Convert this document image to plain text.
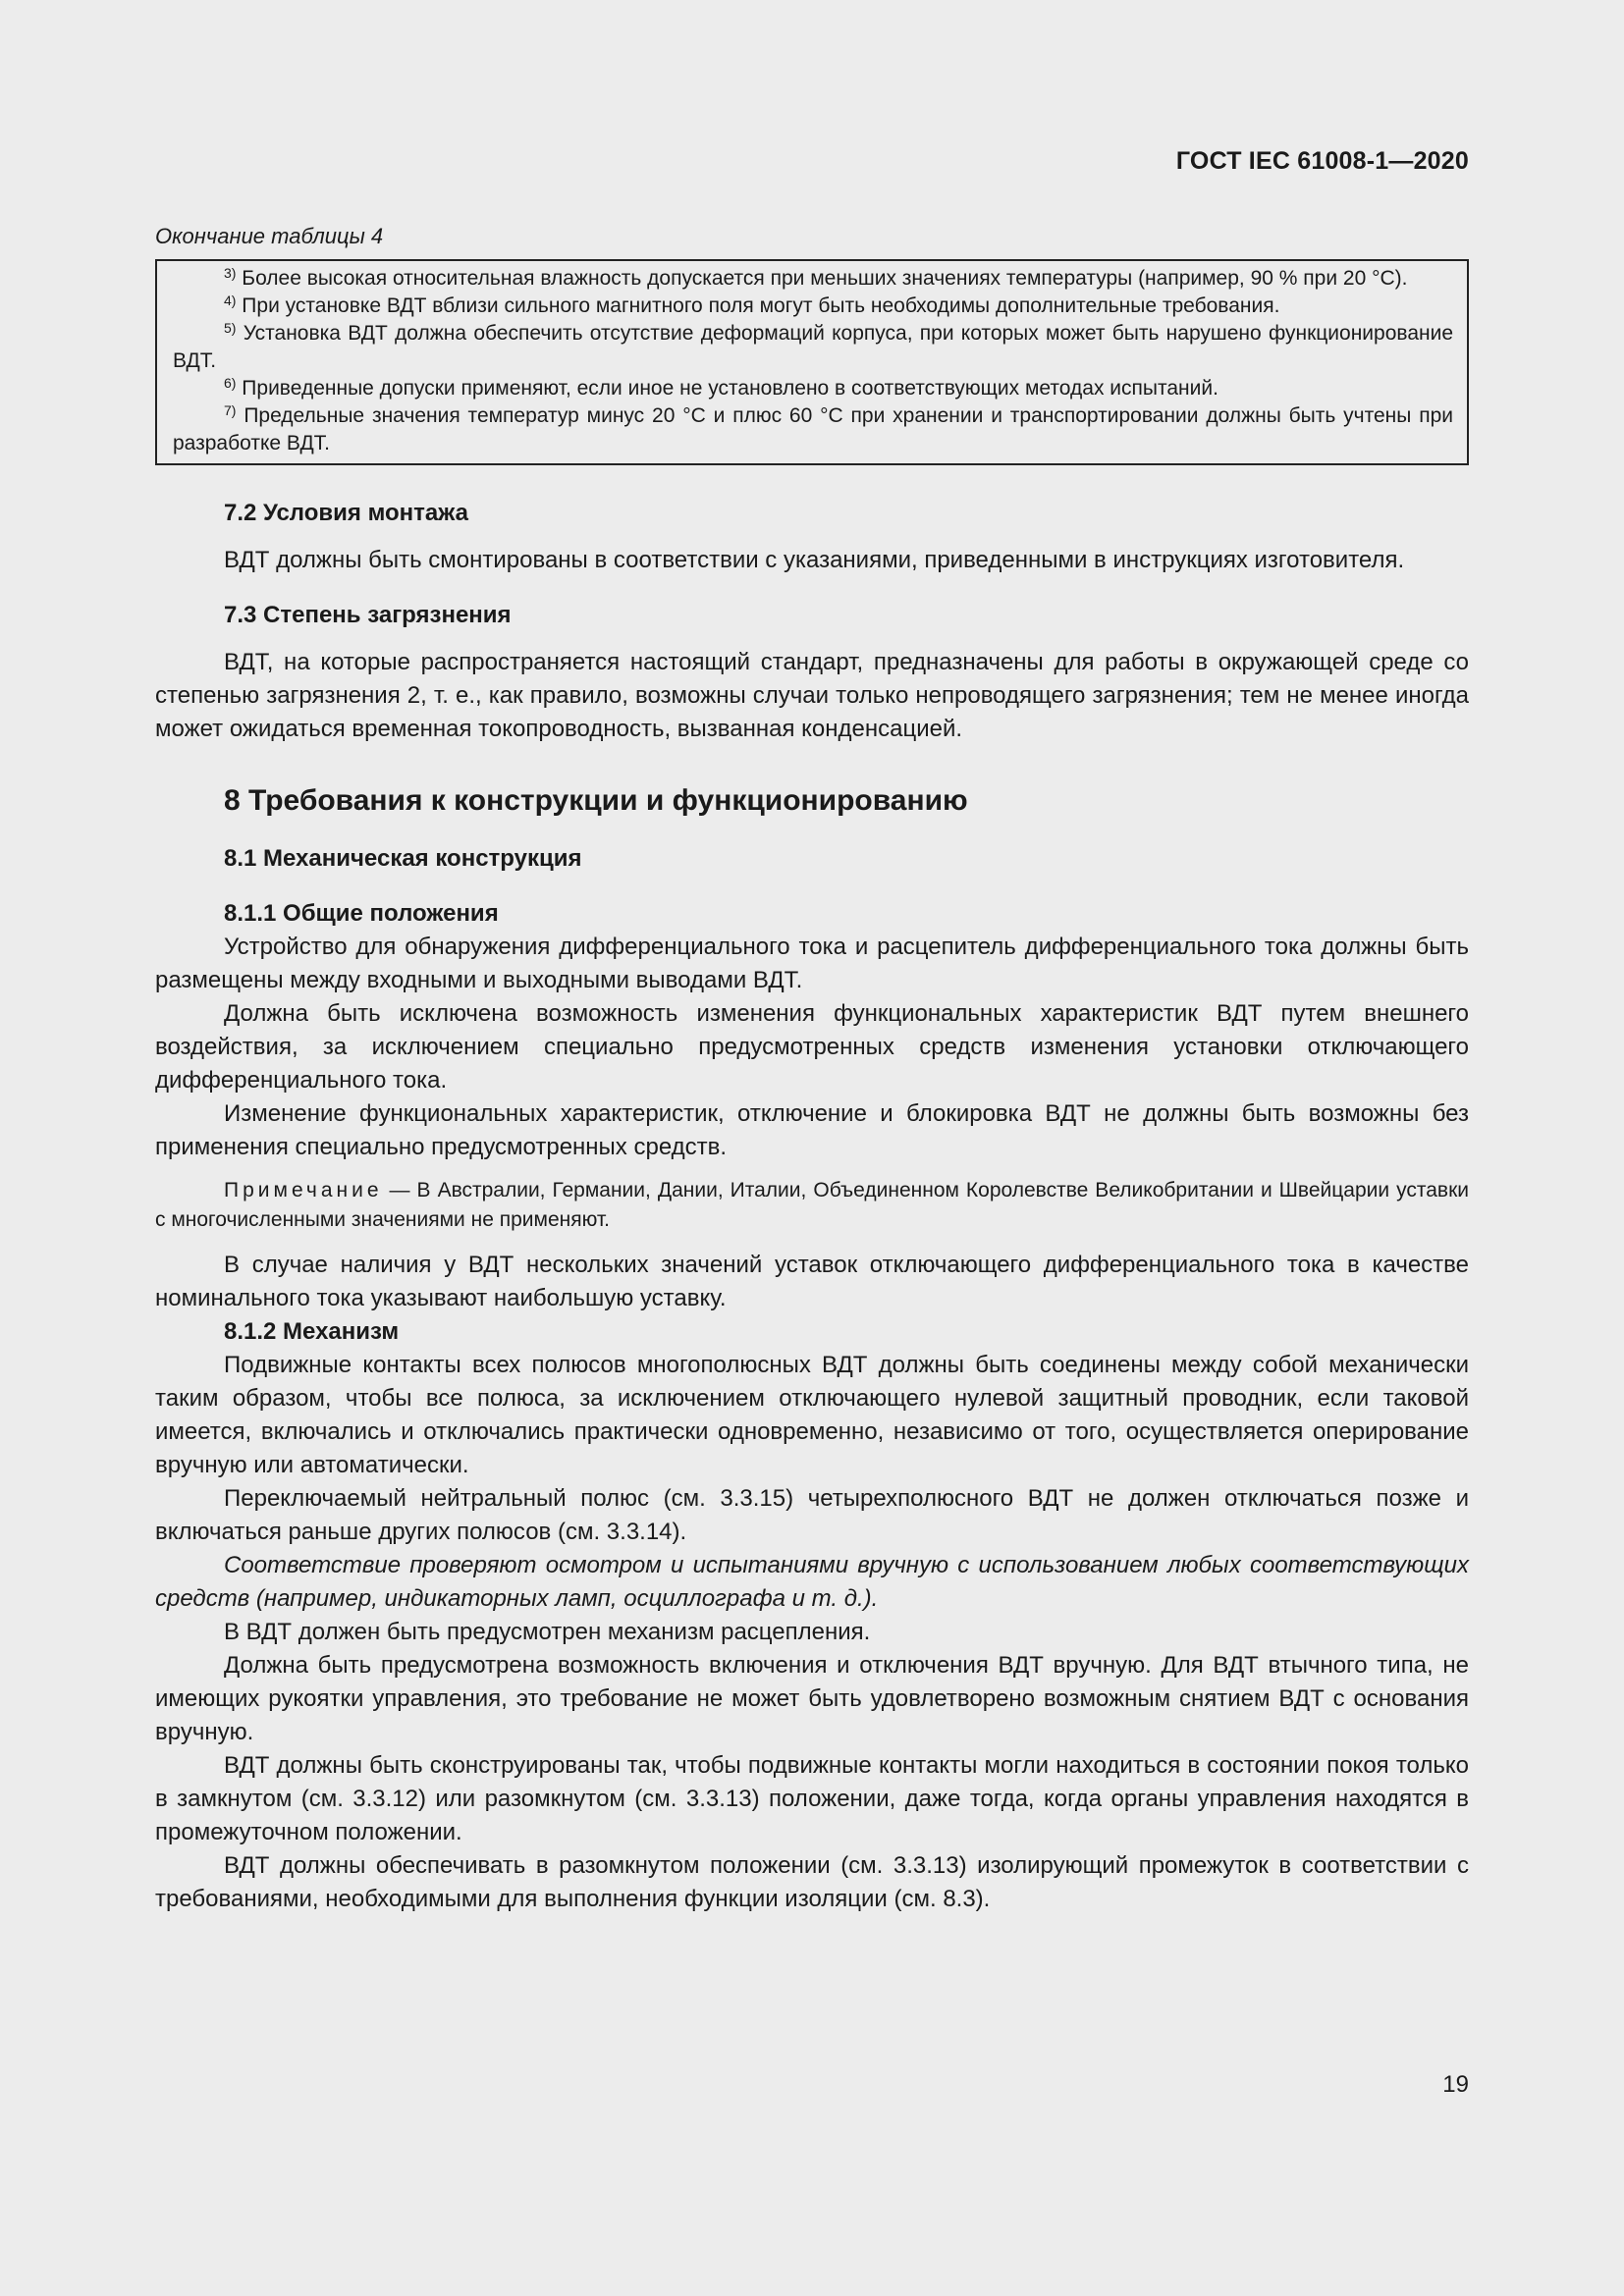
ГОСТ IEC 61008-1—2020
Окончание таблицы 4

$^{3)}$ Более высокая относительная влажность допускается при меньших значениях температуры (например, 90 % при 20 °C).

$^{4)}$ При установке ВДТ вблизи сильного магнитного поля могут быть необходимы дополнительные требования.

$^{5)}$ Установка ВДТ должна обеспечить отсутствие деформаций корпуса, при которых может быть нарушено функционирование ВДТ.

$^{6)}$ Приведенные допуски применяют, если иное не установлено в соответствующих методах испытаний.

$^{7)}$ Предельные значения температур минус 20 °C и плюс 60 °C при хранении и транспортировании должны быть учтены при разработке ВДТ.

7.2 Условия монтажа

ВДТ должны быть смонтированы в соответствии с указаниями, приведенными в инструкциях изготовителя.

7.3 Степень загрязнения

ВДТ, на которые распространяется настоящий стандарт, предназначены для работы в окружающей среде со степенью загрязнения 2, т. е., как правило, возможны случаи только непроводящего загрязнения; тем не менее иногда может ожидаться временная токопроводность, вызванная конденсацией.

8 Требования к конструкции и функционированию
8.1 Механическая конструкция
8.1.1 Общие положения

Устройство для обнаружения дифференциального тока и расцепитель дифференциального тока должны быть размещены между входными и выходными выводами ВДТ.

Должна быть исключена возможность изменения функциональных характеристик ВДТ путем внешнего воздействия, за исключением специально предусмотренных средств изменения установки отключающего дифференциального тока.

Изменение функциональных характеристик, отключение и блокировка ВДТ не должны быть возможны без применения специально предусмотренных средств.

Примечание — В Австралии, Германии, Дании, Италии, Объединенном Королевстве Великобритании и Швейцарии уставки с многочисленными значениями не применяют.

В случае наличия у ВДТ нескольких значений уставок отключающего дифференциального тока в качестве номинального тока указывают наибольшую уставку.

8.1.2 Механизм

Подвижные контакты всех полюсов многополюсных ВДТ должны быть соединены между собой механически таким образом, чтобы все полюса, за исключением отключающего нулевой защитный проводник, если таковой имеется, включались и отключались практически одновременно, независимо от того, осуществляется оперирование вручную или автоматически.

Переключаемый нейтральный полюс (см. 3.3.15) четырехполюсного ВДТ не должен отключаться позже и включаться раньше других полюсов (см. 3.3.14).

Соответствие проверяют осмотром и испытаниями вручную с использованием любых соответствующих средств (например, индикаторных ламп, осциллографа и т. д.).

В ВДТ должен быть предусмотрен механизм расцепления.

Должна быть предусмотрена возможность включения и отключения ВДТ вручную. Для ВДТ втычного типа, не имеющих рукоятки управления, это требование не может быть удовлетворено возможным снятием ВДТ с основания вручную.

ВДТ должны быть сконструированы так, чтобы подвижные контакты могли находиться в состоянии покоя только в замкнутом (см. 3.3.12) или разомкнутом (см. 3.3.13) положении, даже тогда, когда органы управления находятся в промежуточном положении.

ВДТ должны обеспечивать в разомкнутом положении (см. 3.3.13) изолирующий промежуток в соответствии с требованиями, необходимыми для выполнения функции изоляции (см. 8.3).

19
